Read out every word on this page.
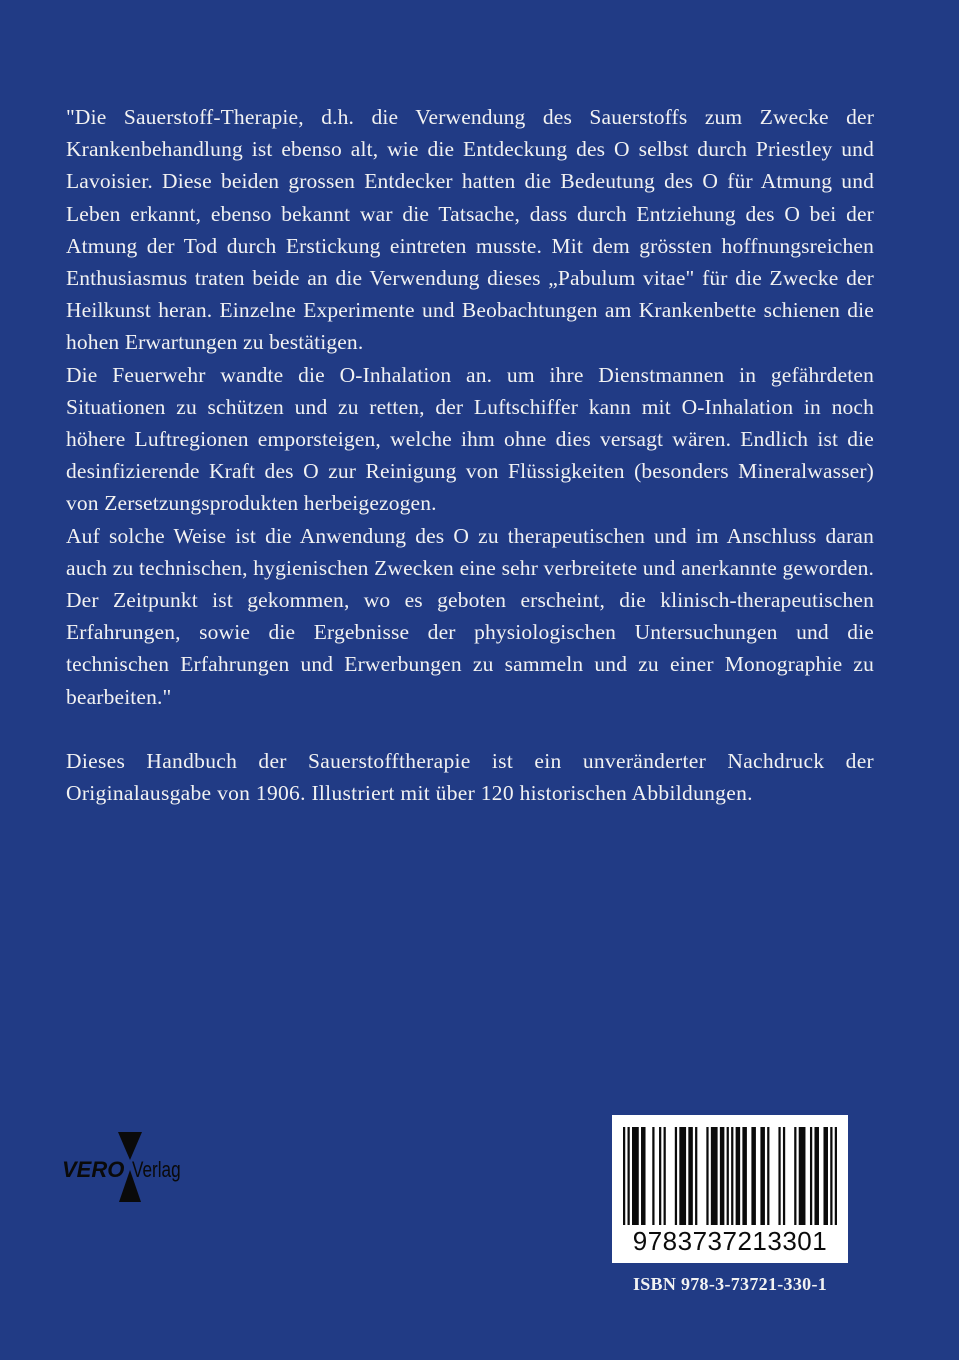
"Die Sauerstoff-Therapie, d.h. die Verwendung des Sauerstoffs zum Zwecke der Krankenbehandlung ist ebenso alt, wie die Entdeckung des O selbst durch Priestley und Lavoisier. Diese beiden grossen Entdecker hatten die Bedeutung des O für Atmung und Leben erkannt, ebenso bekannt war die Tatsache, dass durch Entziehung des O bei der Atmung der Tod durch Erstickung eintreten musste. Mit dem grössten hoffnungsreichen Enthusiasmus traten beide an die Verwendung dieses „Pabulum vitae" für die Zwecke der Heilkunst heran. Einzelne Experimente und Beobachtungen am Krankenbette schienen die hohen Erwartungen zu bestätigen.

Die Feuerwehr wandte die O-Inhalation an. um ihre Dienstmannen in gefährdeten Situationen zu schützen und zu retten, der Luftschiffer kann mit O-Inhalation in noch höhere Luftregionen emporsteigen, welche ihm ohne dies versagt wären. Endlich ist die desinfizierende Kraft des O zur Reinigung von Flüssigkeiten (besonders Mineralwasser) von Zersetzungsprodukten herbeigezogen.

Auf solche Weise ist die Anwendung des O zu therapeutischen und im Anschluss daran auch zu technischen, hygienischen Zwecken eine sehr verbreitete und anerkannte geworden. Der Zeitpunkt ist gekommen, wo es geboten erscheint, die klinisch-therapeutischen Erfahrungen, sowie die Ergebnisse der physiologischen Untersuchungen und die technischen Erfahrungen und Erwerbungen zu sammeln und zu einer Monographie zu bearbeiten."

Dieses Handbuch der Sauerstofftherapie ist ein unveränderter Nachdruck der Originalausgabe von 1906. Illustriert mit über 120 historischen Abbildungen.

VERO Verlag
9783737213301
ISBN 978-3-73721-330-1
